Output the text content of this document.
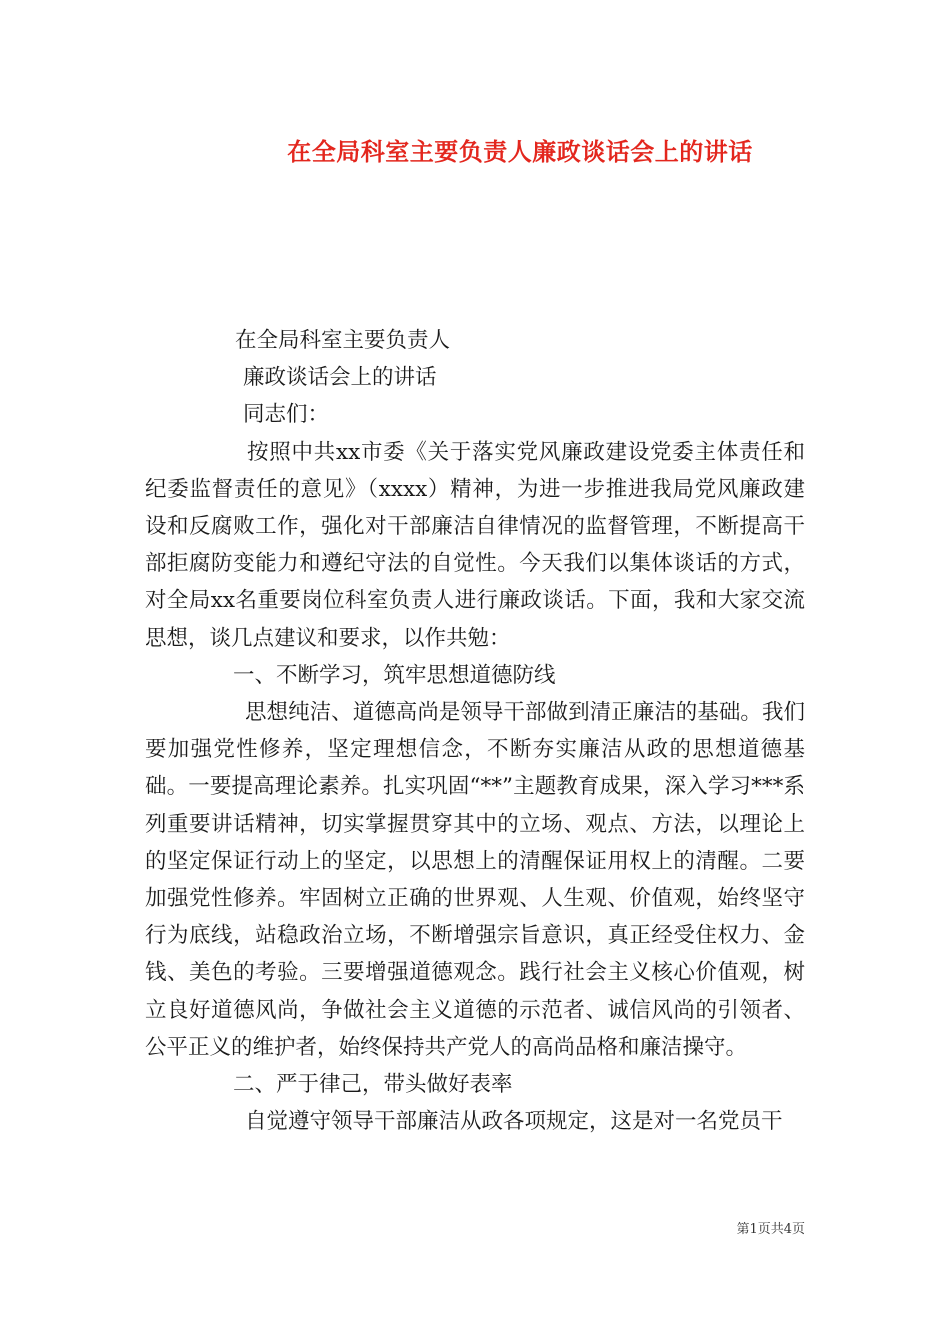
在全局科室主要负责人廉政谈话会上的讲话

在全局科室主要负责人

廉政谈话会上的讲话

同志们：

按照中共xx市委《关于落实党风廉政建设党委主体责任和纪委监督责任的意见》（xxxx）精神，为进一步推进我局党风廉政建设和反腐败工作，强化对干部廉洁自律情况的监督管理，不断提高干部拒腐防变能力和遵纪守法的自觉性。今天我们以集体谈话的方式，对全局xx名重要岗位科室负责人进行廉政谈话。下面，我和大家交流思想，谈几点建议和要求，以作共勉：

一、不断学习，筑牢思想道德防线

思想纯洁、道德高尚是领导干部做到清正廉洁的基础。我们要加强党性修养，坚定理想信念，不断夯实廉洁从政的思想道德基础。一要提高理论素养。扎实巩固“**”主题教育成果，深入学习***系列重要讲话精神，切实掌握贯穿其中的立场、观点、方法，以理论上的坚定保证行动上的坚定，以思想上的清醒保证用权上的清醒。二要加强党性修养。牢固树立正确的世界观、人生观、价值观，始终坚守行为底线，站稳政治立场，不断增强宗旨意识，真正经受住权力、金钱、美色的考验。三要增强道德观念。践行社会主义核心价值观，树立良好道德风尚，争做社会主义道德的示范者、诚信风尚的引领者、公平正义的维护者，始终保持共产党人的高尚品格和廉洁操守。

二、严于律己，带头做好表率

自觉遵守领导干部廉洁从政各项规定，这是对一名党员干

第1页共4页
